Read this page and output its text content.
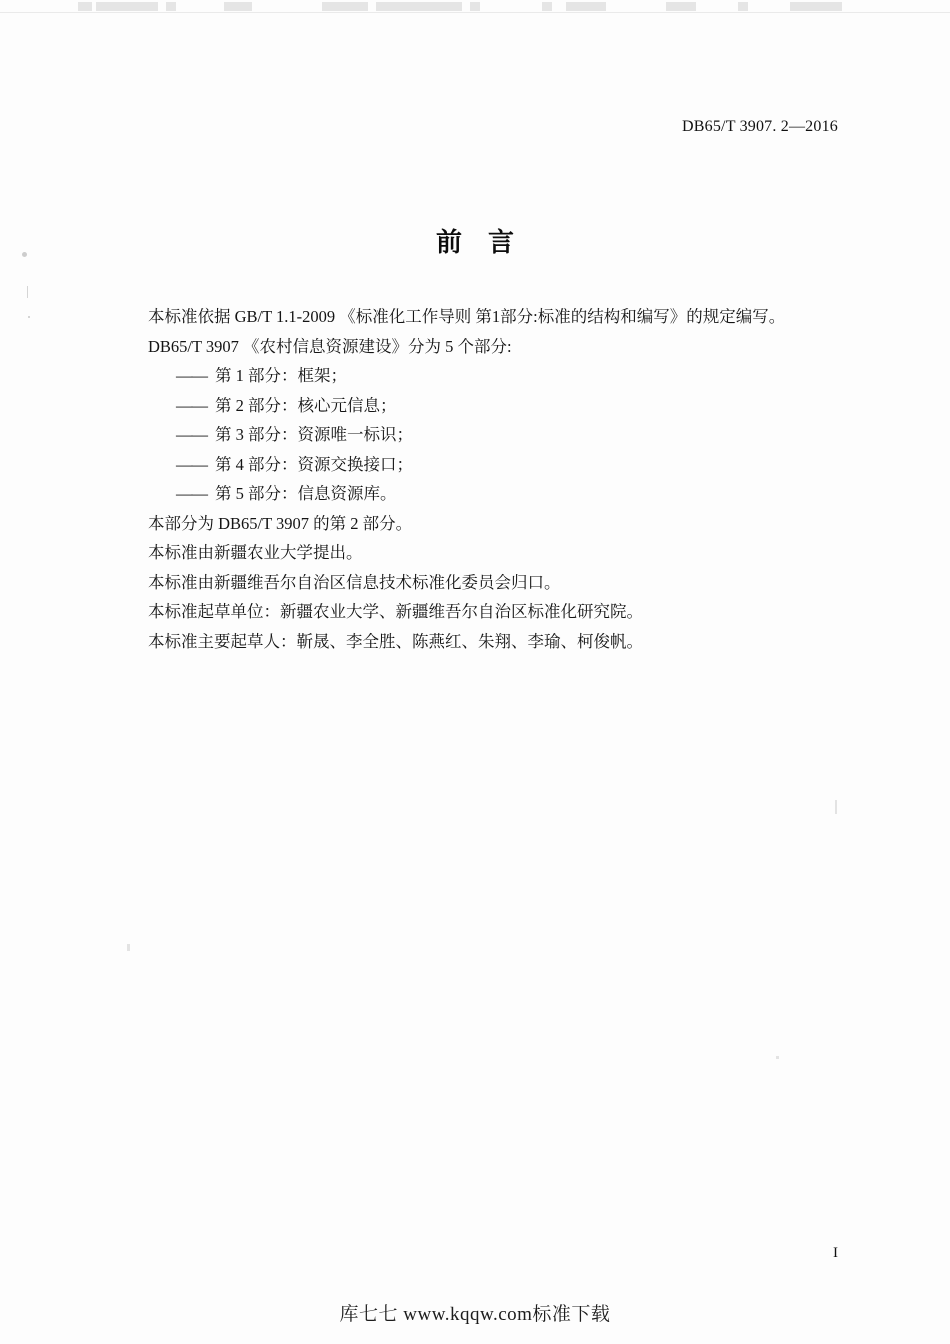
DB65/T 3907. 2—2016
前言
本标准依据 GB/T 1.1-2009 《标准化工作导则 第1部分:标准的结构和编写》的规定编写。
DB65/T 3907 《农村信息资源建设》分为 5 个部分:
—— 第 1 部分：框架；
—— 第 2 部分：核心元信息；
—— 第 3 部分：资源唯一标识；
—— 第 4 部分：资源交换接口；
—— 第 5 部分：信息资源库。
本部分为 DB65/T 3907 的第 2 部分。
本标准由新疆农业大学提出。
本标准由新疆维吾尔自治区信息技术标准化委员会归口。
本标准起草单位：新疆农业大学、新疆维吾尔自治区标准化研究院。
本标准主要起草人：靳晟、李全胜、陈燕红、朱翔、李瑜、柯俊帆。
I
库七七 www.kqqw.com标准下载
